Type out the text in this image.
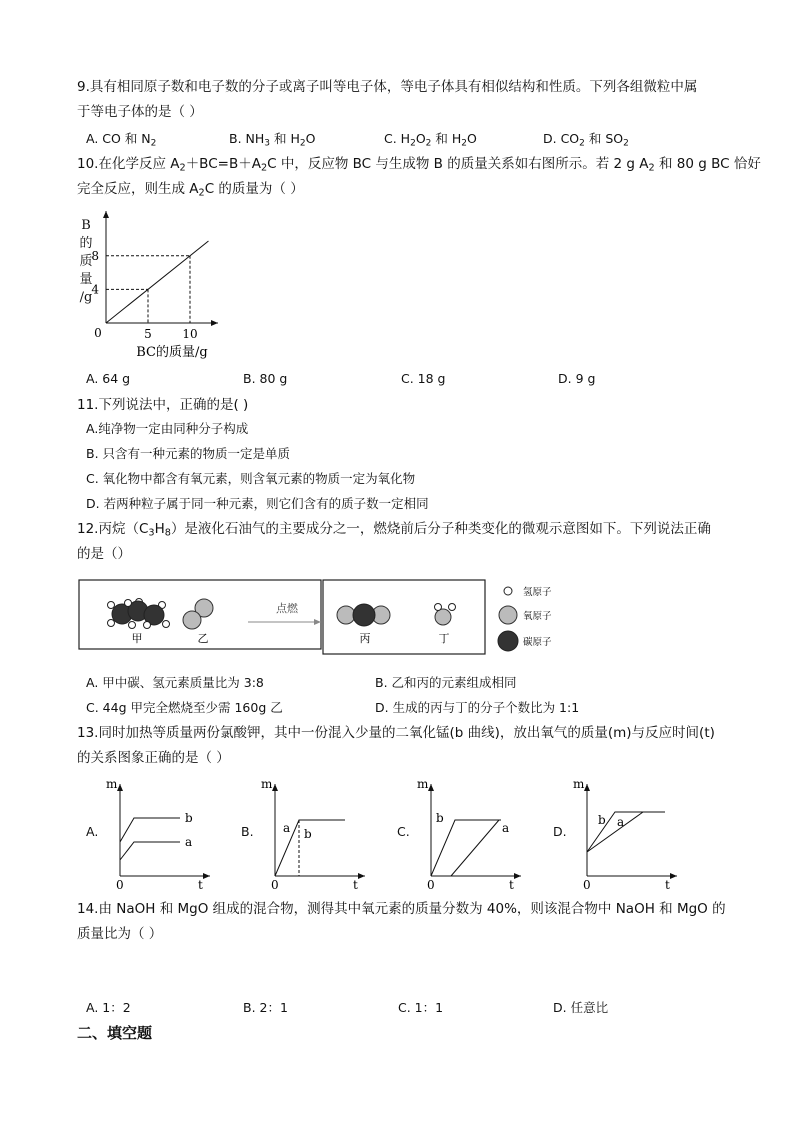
9.具有相同原子数和电子数的分子或离子叫等电子体，等电子体具有相似结构和性质。下列各组微粒中属
于等电子体的是（ ）
A. CO 和 $N_2$	B. $NH_3$ 和 $H_2O$	C. $H_2O_2$ 和 $H_2O$	D. $CO_2$ 和 $SO_2$
10.在化学反应 $A_2+BC=B+A_2C$ 中，反应物 BC 与生成物 B 的质量关系如右图所示。若 2 g $A_2$ 和 80 g BC 恰好
完全反应，则生成 $A_2C$ 的质量为（ ）
B
的
质
量
/g
0	5	10
4
8
BC的质量/g
A. 64 g	B. 80 g	C. 18 g	D. 9 g
11.下列说法中，正确的是( )
A.纯净物一定由同种分子构成
B. 只含有一种元素的物质一定是单质
C. 氧化物中都含有氧元素，则含氧元素的物质一定为氧化物
D. 若两种粒子属于同一种元素，则它们含有的质子数一定相同
12.丙烷$(C_3H_8)$是液化石油气的主要成分之一，燃烧前后分子种类变化的微观示意图如下。下列说法正确
的是（）
甲	乙
点燃
丙	丁
氢原子
氧原子
碳原子
A. 甲中碳、氢元素质量比为 3:8	B. 乙和丙的元素组成相同
C. 44g 甲完全燃烧至少需 160g 乙	D. 生成的丙与丁的分子个数比为 1:1
13.同时加热等质量两份氯酸钾，其中一份混入少量的二氧化锰(b 曲线)，放出氧气的质量(m)与反应时间(t)
的关系图象正确的是（ ）
A.
m
0	t
b
a
B.
m
0	t
a b	C.
m
0	t
b
a	D.
m
0	t
b a
14.由 NaOH 和 MgO 组成的混合物，测得其中氧元素的质量分数为 40%，则该混合物中 NaOH 和 MgO 的
质量比为（ ）
A. 1：2	B. 2：1	C. 1：1	D. 任意比
二、填空题
